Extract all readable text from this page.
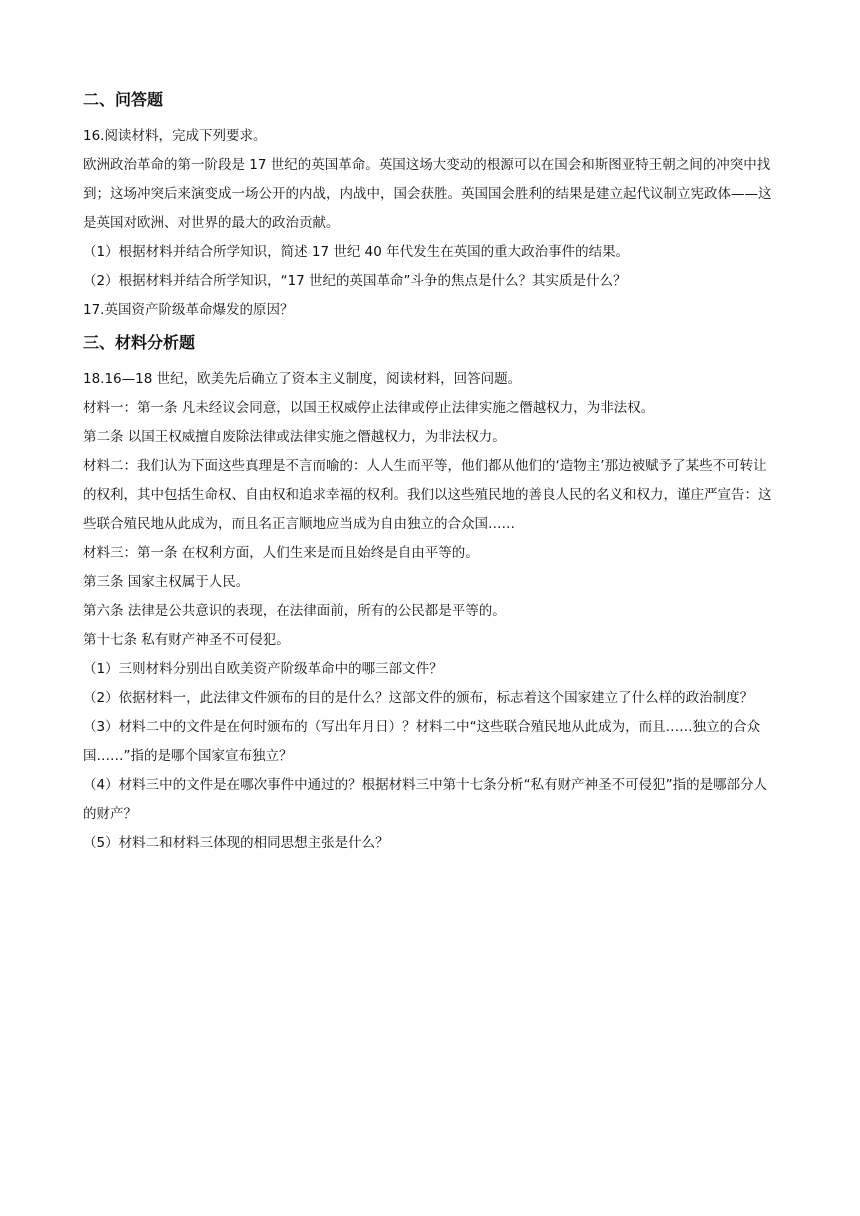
二、问答题

16.阅读材料，完成下列要求。

欧洲政治革命的第一阶段是 17 世纪的英国革命。英国这场大变动的根源可以在国会和斯图亚特王朝之间的冲突中找到；这场冲突后来演变成一场公开的内战，内战中，国会获胜。英国国会胜利的结果是建立起代议制立宪政体——这是英国对欧洲、对世界的最大的政治贡献。

（1）根据材料并结合所学知识，简述 17 世纪 40 年代发生在英国的重大政治事件的结果。

（2）根据材料并结合所学知识，“17 世纪的英国革命”斗争的焦点是什么？其实质是什么？

17.英国资产阶级革命爆发的原因？

三、材料分析题

18.16—18 世纪，欧美先后确立了资本主义制度，阅读材料，回答问题。

材料一：第一条 凡未经议会同意，以国王权威停止法律或停止法律实施之僭越权力，为非法权。

第二条 以国王权威擅自废除法律或法律实施之僭越权力，为非法权力。

材料二：我们认为下面这些真理是不言而喻的：人人生而平等，他们都从他们的‘造物主’那边被赋予了某些不可转让的权利，其中包括生命权、自由权和追求幸福的权利。我们以这些殖民地的善良人民的名义和权力，谨庄严宣告：这些联合殖民地从此成为，而且名正言顺地应当成为自由独立的合众国……

材料三：第一条 在权利方面，人们生来是而且始终是自由平等的。

第三条 国家主权属于人民。

第六条 法律是公共意识的表现，在法律面前，所有的公民都是平等的。

第十七条 私有财产神圣不可侵犯。

（1）三则材料分别出自欧美资产阶级革命中的哪三部文件？

（2）依据材料一，此法律文件颁布的目的是什么？这部文件的颁布，标志着这个国家建立了什么样的政治制度？

（3）材料二中的文件是在何时颁布的（写出年月日）？材料二中“这些联合殖民地从此成为，而且……独立的合众国……”指的是哪个国家宣布独立？

（4）材料三中的文件是在哪次事件中通过的？根据材料三中第十七条分析“私有财产神圣不可侵犯”指的是哪部分人的财产？

（5）材料二和材料三体现的相同思想主张是什么？
